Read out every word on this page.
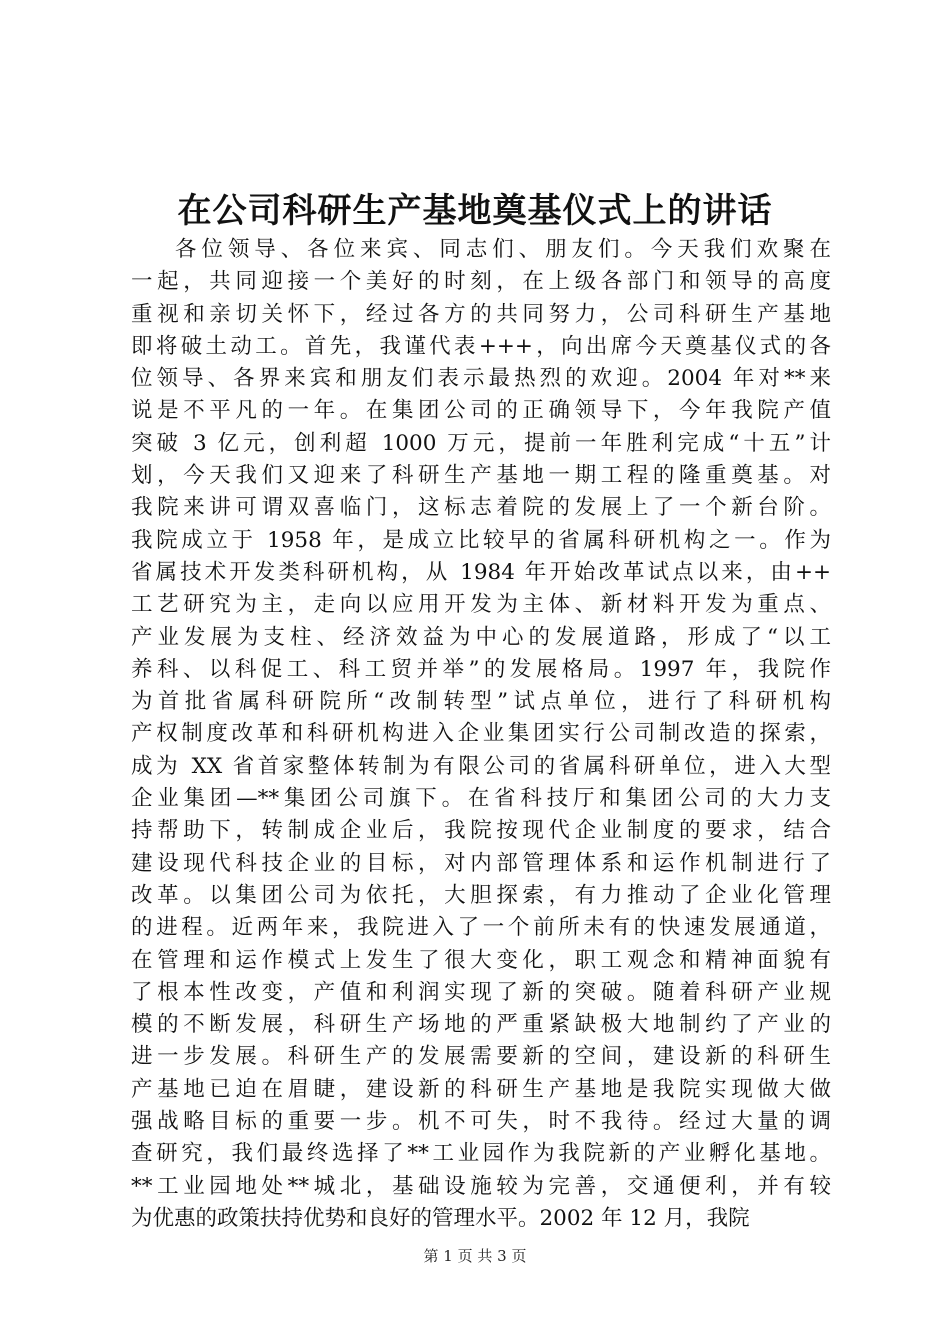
在公司科研生产基地奠基仪式上的讲话
各位领导、各位来宾、同志们、朋友们。今天我们欢聚在
一起，共同迎接一个美好的时刻，在上级各部门和领导的高度
重视和亲切关怀下，经过各方的共同努力，公司科研生产基地
即将破土动工。首先，我谨代表+++，向出席今天奠基仪式的各
位领导、各界来宾和朋友们表示最热烈的欢迎。2004 年对**来
说是不平凡的一年。在集团公司的正确领导下，今年我院产值
突破 3 亿元，创利超 1000 万元，提前一年胜利完成“十五”计
划，今天我们又迎来了科研生产基地一期工程的隆重奠基。对
我院来讲可谓双喜临门，这标志着院的发展上了一个新台阶。
我院成立于 1958 年，是成立比较早的省属科研机构之一。作为
省属技术开发类科研机构，从 1984 年开始改革试点以来，由++
工艺研究为主，走向以应用开发为主体、新材料开发为重点、
产业发展为支柱、经济效益为中心的发展道路，形成了“以工
养科、以科促工、科工贸并举”的发展格局。1997 年，我院作
为首批省属科研院所“改制转型”试点单位，进行了科研机构
产权制度改革和科研机构进入企业集团实行公司制改造的探索，
成为 XX 省首家整体转制为有限公司的省属科研单位，进入大型
企业集团—**集团公司旗下。在省科技厅和集团公司的大力支
持帮助下，转制成企业后，我院按现代企业制度的要求，结合
建设现代科技企业的目标，对内部管理体系和运作机制进行了
改革。以集团公司为依托，大胆探索，有力推动了企业化管理
的进程。近两年来，我院进入了一个前所未有的快速发展通道，
在管理和运作模式上发生了很大变化，职工观念和精神面貌有
了根本性改变，产值和利润实现了新的突破。随着科研产业规
模的不断发展，科研生产场地的严重紧缺极大地制约了产业的
进一步发展。科研生产的发展需要新的空间，建设新的科研生
产基地已迫在眉睫，建设新的科研生产基地是我院实现做大做
强战略目标的重要一步。机不可失，时不我待。经过大量的调
查研究，我们最终选择了**工业园作为我院新的产业孵化基地。
**工业园地处**城北，基础设施较为完善，交通便利，并有较
为优惠的政策扶持优势和良好的管理水平。2002 年 12 月，我院
第 1 页 共 3 页
